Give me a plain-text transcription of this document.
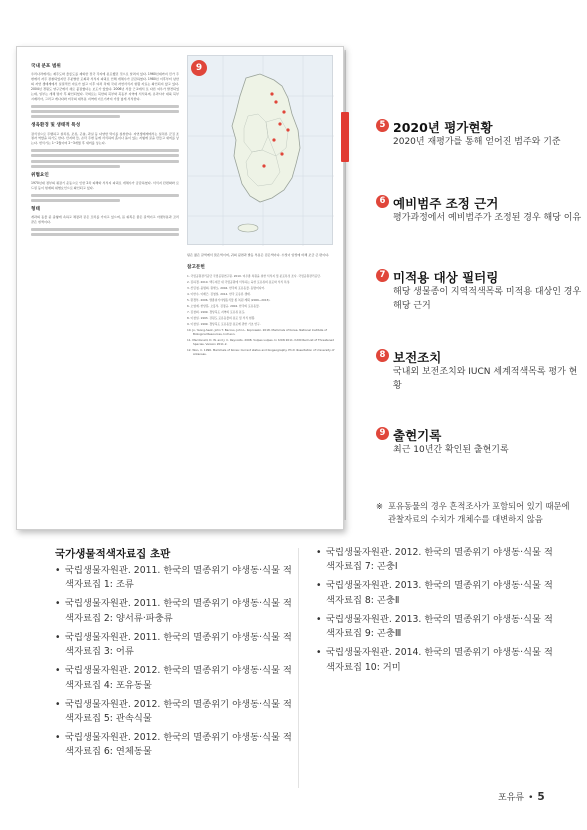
국내 분포 범위

우리나라에서는 제주도와 울릉도를 제외한 전국 각지에 분포했던 것으로 알려져 있다. 1960년대까지 민가 주변에서 자주 관찰되었지만 무분별한 포획과 서식지 파괴로 인해 개체수가 급감하였다. 1980년 이후부터 남한의 자연 생태계에서 실질적인 자료가 없고 이후 여러 차례 국내 자연서식지 현황 자료는 확인되지 않고 있다. 2004년 경원도 양구군에서 새로 붙잡혔다는 보도가 있었다. 2006년 서울 근교에서 또 다른 여우가 발견되었는데, 일부는 개체 방사 후 확인되었다. 국외로는 북한의 북부와 북동부 지역에 서식하며, 유라시아 대륙 북부 시베리아, 그리고 캐나다와 미국의 대부분 지역에 이르기까지 가장 넓게 서식한다.

생육환경 및 생태적 특성

잡식성으로 주행하고 설치류, 조류, 곤충, 과실 등 다양한 먹이를 섭취한다. 자연생태계에서는 설치류 군집 조절자 역할을 하기도 한다. 산지와 들, 촌락 주변 등에 서식하며 흙이나 돌이 있는 지형에 굴을 만들고 새끼를 낳는다. 번식기는 1~2월이며 2~3개월 후 새끼를 낳는다.

위협요인

1970년대 정부의 쥐잡기 운동으로 인한 2차 피해와 서식지 파괴로 개체수가 급감하였다. 서식지 단편화와 로드킬 등이 현재의 위협요인으로 확인되고 있다.

형태

개과의 동물 중 중형에 속하고 체장과 같은 꼬리를 가지고 있으며, 몸 위쪽은 붉은 갈색이고 아랫부분과 꼬리 끝은 흰색이다.

9

털은 짧은 갈색에서 붉은색이며, 귀의 뒷면과 발등 부분은 검은색이다. 수컷이 암컷에 비해 조금 큰 편이다.

참고문헌
1. 국립공원관리공단 국립공원연구원. 2010. 여우종 복원을 위한 서식지 및 분포특성 조사. 국립공원관리공단.
2. 김하경. 2010. 백두대간 내 국립공원에 서식하는 육상 포유류의 분포와 서식 특성.
3. 산림청, 윤명희, 원병오, 2004. 한국의 포유동물. 동방미디어.
4. 이한수, 이배근, 김영일, 2014. 한국 포유류 생태.
5. 환경부. 2006. 멸종위기야생동식물 종 복원 계획 (2006~2015).
6. 오영재, 한상훈, 오홍식, 김정규. 2004. 한국의 포유동물.
7. 김창희. 1999. 경상북도 지역의 포유류 분포.
8. 이창일. 1993. 강원도 포유동물의 분포 및 서식 현황.
9. 이창일. 1999. 경상북도 포유동물 분포에 관한 기초 연구.
10. Jo, Yeong-Seok, John T. Baccus, John L. Koprowski. 2018. Mammals of Korea. National Institute of Biological Resources, Incheon.
11. Macdonald, D. W. and J. C. Reynolds. 2008. Vulpes vulpes. In IUCN 2011. IUCN Red List of Threatened Species. Version 2011.2.
12. Won, C. 1996. Mammals of Korea: Current status and biogeography. Ph.D dissertation of University of Arkansas.
5 2020년 평가현황
2020년 재평가를 통해 얻어진 범주와 기준
6 예비범주 조정 근거
평가과정에서 예비범주가 조정된 경우 해당 이유
7 미적용 대상 필터링
해당 생물종이 지역적색목록 미적용 대상인 경우 해당 근거
8 보전조치
국내외 보전조치와 IUCN 세계적색목록 평가 현황
9 출현기록
최근 10년간 확인된 출현기록
※ 포유동물의 경우 흔적조사가 포함되어 있기 때문에 관찰자료의 수치가 개체수를 대변하지 않음
국가생물적색자료집 초판
• 국립생물자원관. 2011. 한국의 멸종위기 야생동·식물 적색자료집 1: 조류
• 국립생물자원관. 2011. 한국의 멸종위기 야생동·식물 적색자료집 2: 양서류·파충류
• 국립생물자원관. 2011. 한국의 멸종위기 야생동·식물 적색자료집 3: 어류
• 국립생물자원관. 2012. 한국의 멸종위기 야생동·식물 적색자료집 4: 포유동물
• 국립생물자원관. 2012. 한국의 멸종위기 야생동·식물 적색자료집 5: 관속식물
• 국립생물자원관. 2012. 한국의 멸종위기 야생동·식물 적색자료집 6: 연체동물
• 국립생물자원관. 2012. 한국의 멸종위기 야생동·식물 적색자료집 7: 곤충Ⅰ
• 국립생물자원관. 2013. 한국의 멸종위기 야생동·식물 적색자료집 8: 곤충Ⅱ
• 국립생물자원관. 2013. 한국의 멸종위기 야생동·식물 적색자료집 9: 곤충Ⅲ
• 국립생물자원관. 2014. 한국의 멸종위기 야생동·식물 적색자료집 10: 거미
포유류 • 5
